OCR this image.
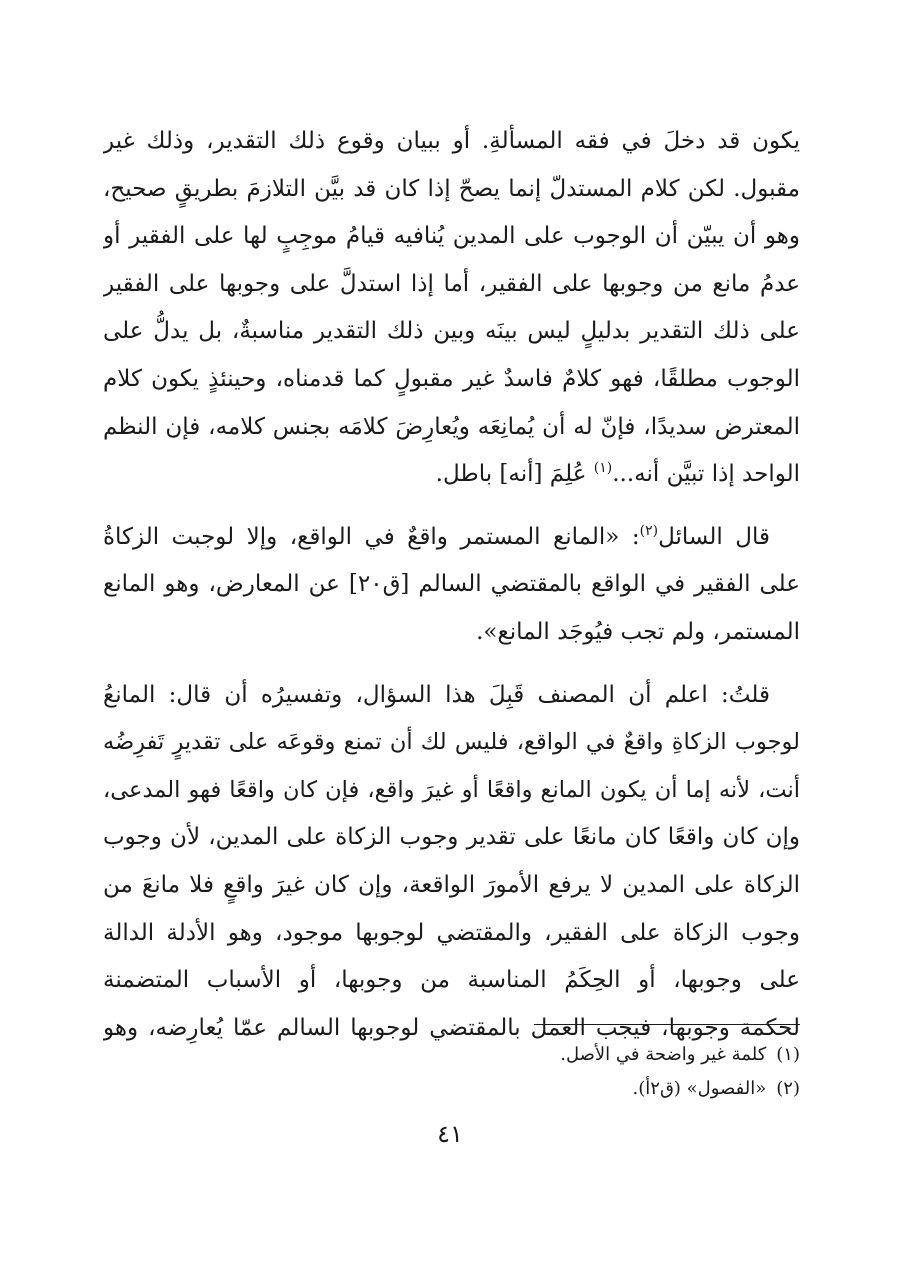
يكون قد دخلَ في فقه المسألةِ. أو ببيان وقوع ذلك التقدير، وذلك غير
مقبول. لكن كلام المستدلّ إنما يصحّ إذا كان قد بيَّن التلازمَ بطريقٍ صحيح،
وهو أن يبيّن أن الوجوب على المدين يُنافيه قيامُ موجِبٍ لها على الفقير أو
عدمُ مانع من وجوبها على الفقير، أما إذا استدلَّ على وجوبها على الفقير
على ذلك التقدير بدليلٍ ليس بينَه وبين ذلك التقدير مناسبةٌ، بل يدلُّ على
الوجوب مطلقًا، فهو كلامٌ فاسدٌ غير مقبولٍ كما قدمناه، وحينئذٍ يكون كلام
المعترض سديدًا، فإنّ له أن يُمانِعَه ويُعارِضَ كلامَه بجنس كلامه، فإن النظم
الواحد إذا تبيَّن أنه...$^{(١)}$ عُلِمَ [أنه] باطل.
قال السائل$^{(٢)}$: «المانع المستمر واقعٌ في الواقع، وإلا لوجبت الزكاةُ
على الفقير في الواقع بالمقتضي السالم [ق٢٠] عن المعارض، وهو المانع
المستمر، ولم تجب فيُوجَد المانع».
قلتُ: اعلم أن المصنف قَبِلَ هذا السؤال، وتفسيرُه أن قال: المانعُ
لوجوب الزكاةِ واقعٌ في الواقع، فليس لك أن تمنع وقوعَه على تقديرٍ تَفرِضُه
أنت، لأنه إما أن يكون المانع واقعًا أو غيرَ واقع، فإن كان واقعًا فهو المدعى،
وإن كان واقعًا كان مانعًا على تقدير وجوب الزكاة على المدين، لأن وجوب
الزكاة على المدين لا يرفع الأمورَ الواقعة، وإن كان غيرَ واقعٍ فلا مانعَ من
وجوب الزكاة على الفقير، والمقتضي لوجوبها موجود، وهو الأدلة الدالة
على وجوبها، أو الحِكَمُ المناسبة من وجوبها، أو الأسباب المتضمنة
لحكمة وجوبها، فيجب العمل بالمقتضي لوجوبها السالم عمّا يُعارِضه، وهو
(١)كلمة غير واضحة في الأصل.
(٢)«الفصول» (ق٢أ).
٤١
